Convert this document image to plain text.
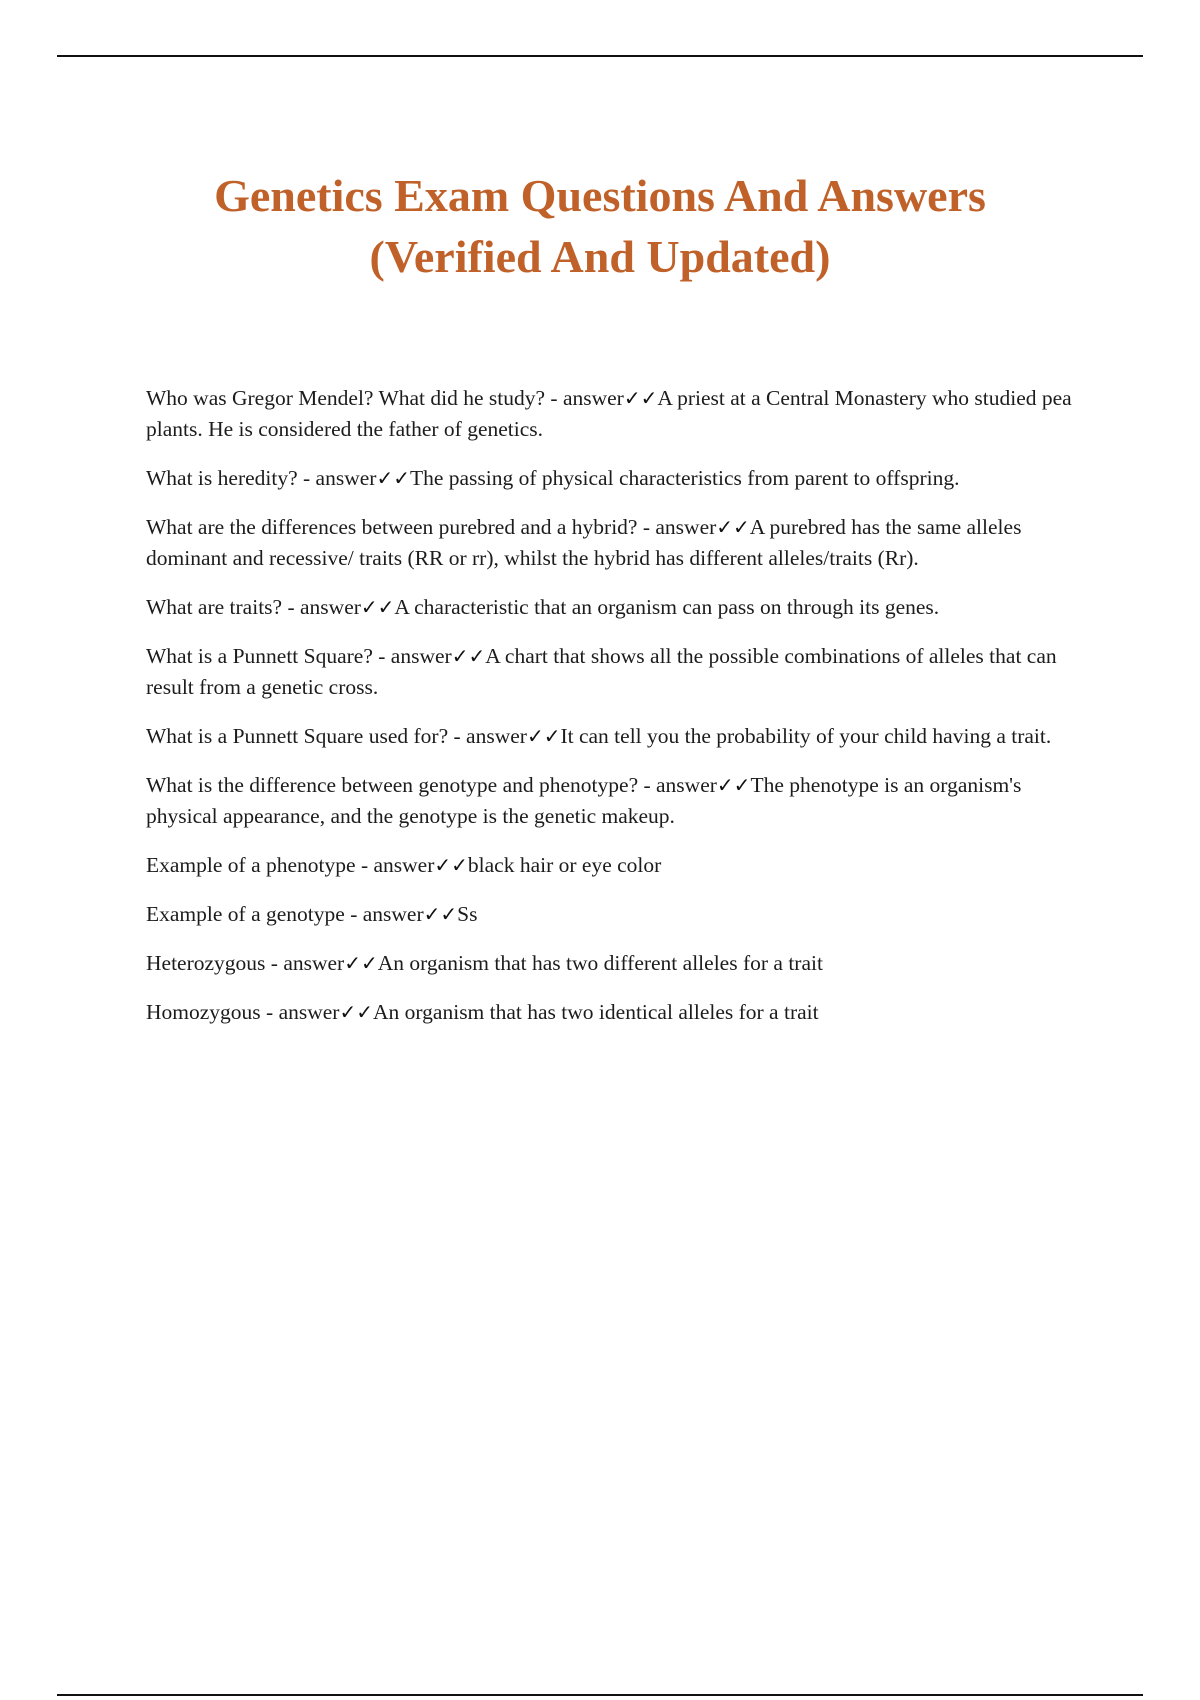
Genetics Exam Questions And Answers
(Verified And Updated)

Who was Gregor Mendel? What did he study? - answer✓✓A priest at a Central Monastery who studied pea plants. He is considered the father of genetics.

What is heredity? - answer✓✓The passing of physical characteristics from parent to offspring.

What are the differences between purebred and a hybrid? - answer✓✓A purebred has the same alleles dominant and recessive/ traits (RR or rr), whilst the hybrid has different alleles/traits (Rr).

What are traits? - answer✓✓A characteristic that an organism can pass on through its genes.

What is a Punnett Square? - answer✓✓A chart that shows all the possible combinations of alleles that can result from a genetic cross.

What is a Punnett Square used for? - answer✓✓It can tell you the probability of your child having a trait.

What is the difference between genotype and phenotype? - answer✓✓The phenotype is an organism's physical appearance, and the genotype is the genetic makeup.

Example of a phenotype - answer✓✓black hair or eye color

Example of a genotype - answer✓✓Ss

Heterozygous - answer✓✓An organism that has two different alleles for a trait

Homozygous - answer✓✓An organism that has two identical alleles for a trait
